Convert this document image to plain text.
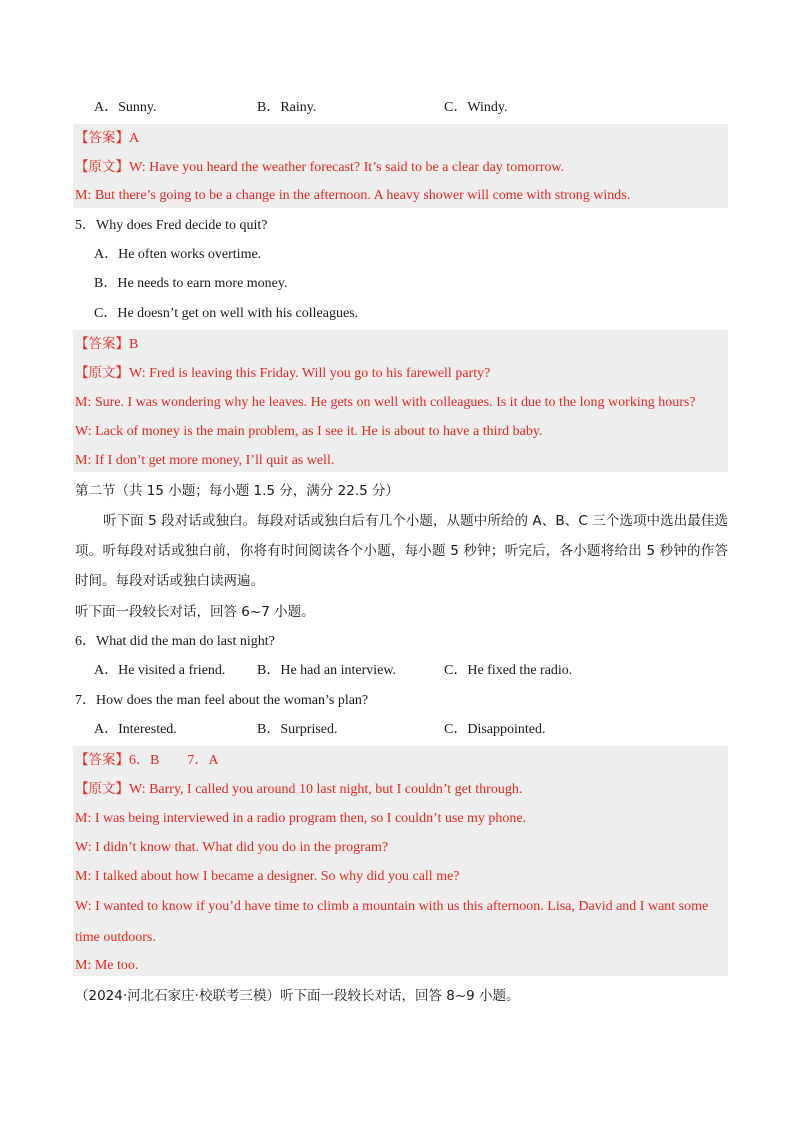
A．Sunny.	B．Rainy.	C．Windy.
【答案】A
【原文】W: Have you heard the weather forecast? It’s said to be a clear day tomorrow.
M: But there’s going to be a change in the afternoon. A heavy shower will come with strong winds.
5．Why does Fred decide to quit?
A．He often works overtime.
B．He needs to earn more money.
C．He doesn’t get on well with his colleagues.
【答案】B
【原文】W: Fred is leaving this Friday. Will you go to his farewell party?
M: Sure. I was wondering why he leaves. He gets on well with colleagues. Is it due to the long working hours?
W: Lack of money is the main problem, as I see it. He is about to have a third baby.
M: If I don’t get more money, I’ll quit as well.
第二节（共 15 小题；每小题 1.5 分，满分 22.5 分）
听下面 5 段对话或独白。每段对话或独白后有几个小题，从题中所给的 A、B、C 三个选项中选出最佳选项。听每段对话或独白前，你将有时间阅读各个小题，每小题 5 秒钟；听完后，各小题将给出 5 秒钟的作答时间。每段对话或独白读两遍。
听下面一段较长对话，回答 6~7 小题。
6．What did the man do last night?
A．He visited a friend. B．He had an interview.	C．He fixed the radio.
7．How does the man feel about the woman’s plan?
A．Interested.	B．Surprised.	C．Disappointed.
【答案】6．B　　7．A
【原文】W: Barry, I called you around 10 last night, but I couldn’t get through.
M: I was being interviewed in a radio program then, so I couldn’t use my phone.
W: I didn’t know that. What did you do in the program?
M: I talked about how I became a designer. So why did you call me?
W: I wanted to know if you’d have time to climb a mountain with us this afternoon. Lisa, David and I want some
time outdoors.
M: Me too.
（2024·河北石家庄·校联考三模）听下面一段较长对话，回答 8~9 小题。
